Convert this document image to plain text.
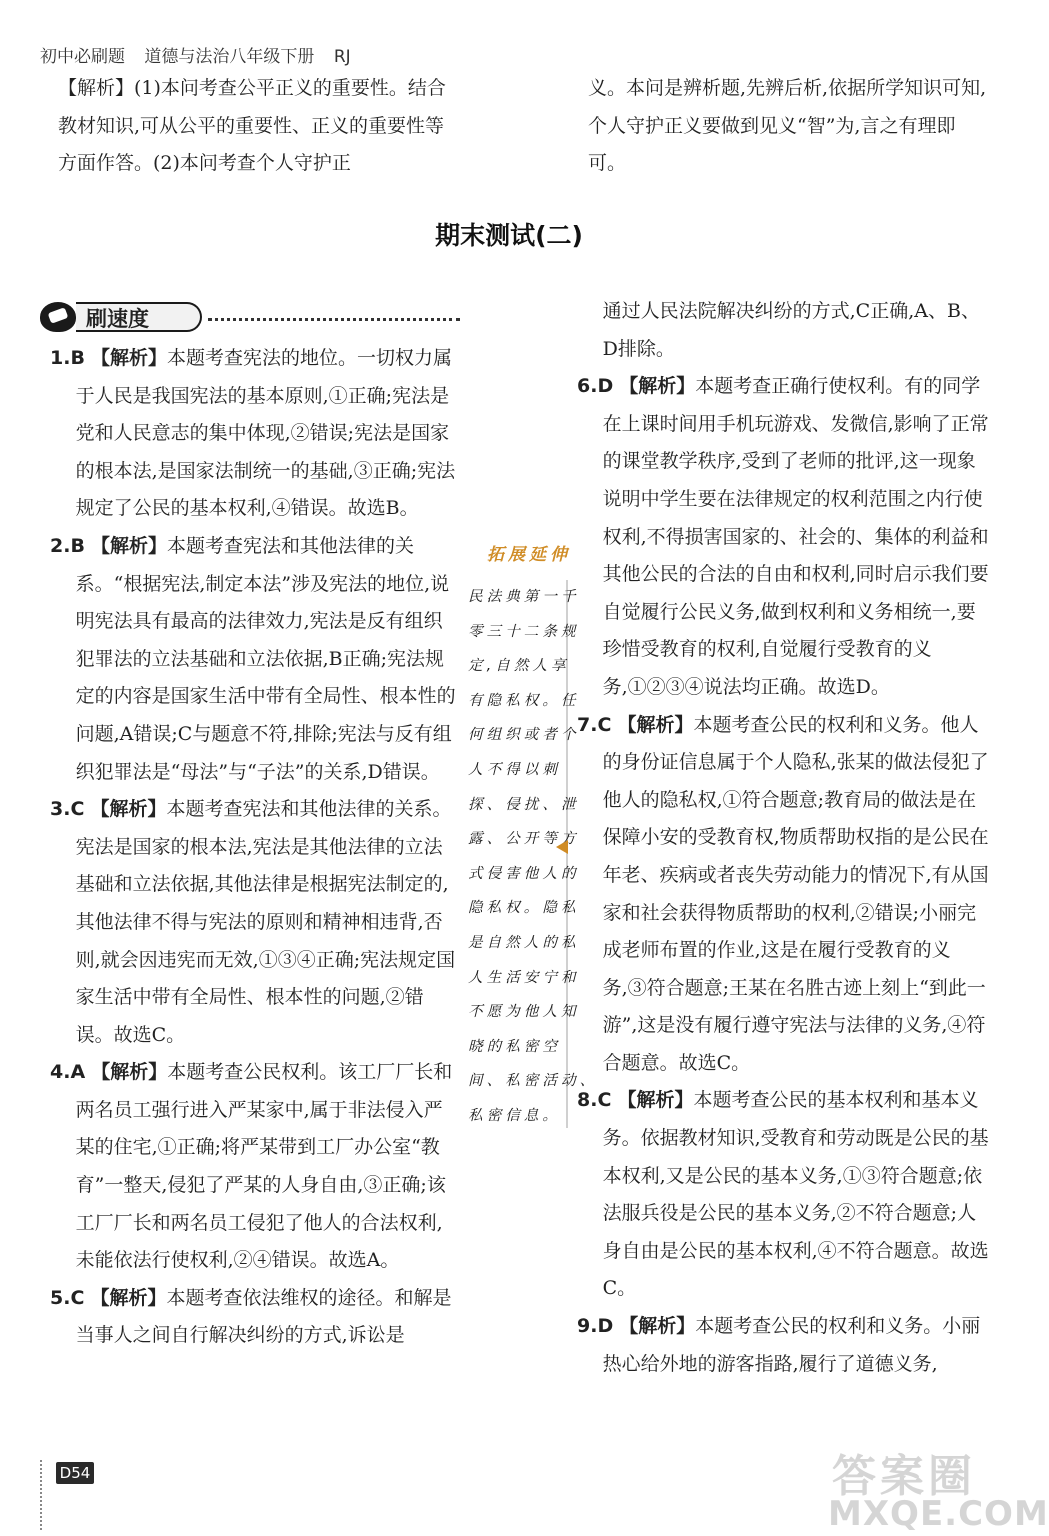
初中必刷题 道德与法治八年级下册 RJ

【解析】(1)本问考查公平正义的重要性。结合教材知识,可从公平的重要性、正义的重要性等方面作答。(2)本问考查个人守护正

义。本问是辨析题,先辨后析,依据所学知识可知,个人守护正义要做到见义“智”为,言之有理即可。

期末测试(二)
刷速度

1.B 【解析】本题考查宪法的地位。一切权力属于人民是我国宪法的基本原则,①正确;宪法是党和人民意志的集中体现,②错误;宪法是国家的根本法,是国家法制统一的基础,③正确;宪法规定了公民的基本权利,④错误。故选B。

2.B 【解析】本题考查宪法和其他法律的关系。“根据宪法,制定本法”涉及宪法的地位,说明宪法具有最高的法律效力,宪法是反有组织犯罪法的立法基础和立法依据,B正确;宪法规定的内容是国家生活中带有全局性、根本性的问题,A错误;C与题意不符,排除;宪法与反有组织犯罪法是“母法”与“子法”的关系,D错误。

3.C 【解析】本题考查宪法和其他法律的关系。宪法是国家的根本法,宪法是其他法律的立法基础和立法依据,其他法律是根据宪法制定的,其他法律不得与宪法的原则和精神相违背,否则,就会因违宪而无效,①③④正确;宪法规定国家生活中带有全局性、根本性的问题,②错误。故选C。

4.A 【解析】本题考查公民权利。该工厂厂长和两名员工强行进入严某家中,属于非法侵入严某的住宅,①正确;将严某带到工厂办公室“教育”一整天,侵犯了严某的人身自由,③正确;该工厂厂长和两名员工侵犯了他人的合法权利,未能依法行使权利,②④错误。故选A。

5.C 【解析】本题考查依法维权的途径。和解是当事人之间自行解决纠纷的方式,诉讼是

拓展延伸
民法典第一千
零三十二条规
定,自然人享
有隐私权。任
何组织或者个
人不得以刺
探、侵扰、泄
露、公开等方
式侵害他人的
隐私权。隐私
是自然人的私
人生活安宁和
不愿为他人知
晓的私密空
间、私密活动、
私密信息。

通过人民法院解决纠纷的方式,C正确,A、B、D排除。

6.D 【解析】本题考查正确行使权利。有的同学在上课时间用手机玩游戏、发微信,影响了正常的课堂教学秩序,受到了老师的批评,这一现象说明中学生要在法律规定的权利范围之内行使权利,不得损害国家的、社会的、集体的利益和其他公民的合法的自由和权利,同时启示我们要自觉履行公民义务,做到权利和义务相统一,要珍惜受教育的权利,自觉履行受教育的义务,①②③④说法均正确。故选D。

7.C 【解析】本题考查公民的权利和义务。他人的身份证信息属于个人隐私,张某的做法侵犯了他人的隐私权,①符合题意;教育局的做法是在保障小安的受教育权,物质帮助权指的是公民在年老、疾病或者丧失劳动能力的情况下,有从国家和社会获得物质帮助的权利,②错误;小丽完成老师布置的作业,这是在履行受教育的义务,③符合题意;王某在名胜古迹上刻上“到此一游”,这是没有履行遵守宪法与法律的义务,④符合题意。故选C。

8.C 【解析】本题考查公民的基本权利和基本义务。依据教材知识,受教育和劳动既是公民的基本权利,又是公民的基本义务,①③符合题意;依法服兵役是公民的基本义务,②不符合题意;人身自由是公民的基本权利,④不符合题意。故选C。

9.D 【解析】本题考查公民的权利和义务。小丽热心给外地的游客指路,履行了道德义务,

D54	答案圈
MXQE.COM
